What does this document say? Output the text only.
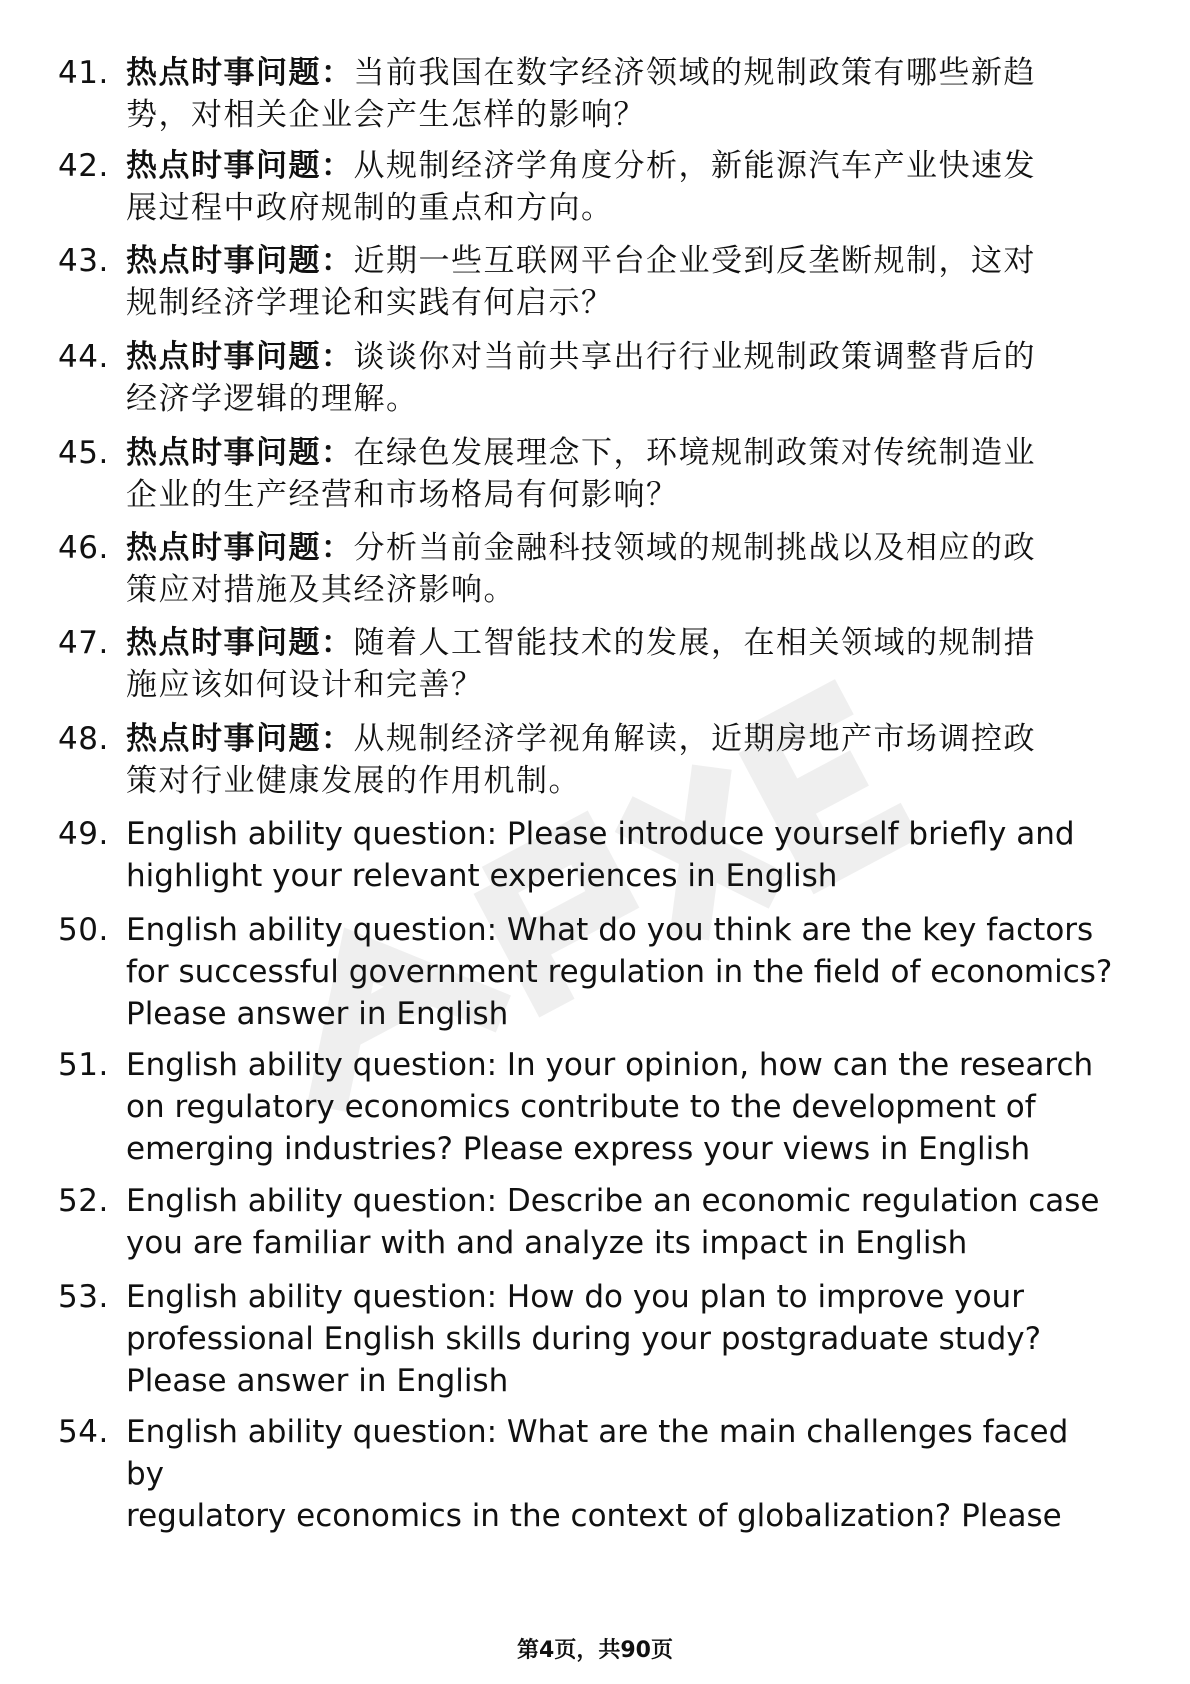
41. 热点时事问题：当前我国在数字经济领域的规制政策有哪些新趋
势，对相关企业会产生怎样的影响？
42. 热点时事问题：从规制经济学角度分析，新能源汽车产业快速发
展过程中政府规制的重点和方向。
43. 热点时事问题：近期一些互联网平台企业受到反垄断规制，这对
规制经济学理论和实践有何启示？
44. 热点时事问题：谈谈你对当前共享出行行业规制政策调整背后的
经济学逻辑的理解。
45. 热点时事问题：在绿色发展理念下，环境规制政策对传统制造业
企业的生产经营和市场格局有何影响？
46. 热点时事问题：分析当前金融科技领域的规制挑战以及相应的政
策应对措施及其经济影响。
47. 热点时事问题：随着人工智能技术的发展，在相关领域的规制措
施应该如何设计和完善？
48. 热点时事问题：从规制经济学视角解读，近期房地产市场调控政
策对行业健康发展的作用机制。
49. English ability question: Please introduce yourself briefly and
highlight your relevant experiences in English
50. English ability question: What do you think are the key factors
for successful government regulation in the field of economics?
Please answer in English
51. English ability question: In your opinion, how can the research
on regulatory economics contribute to the development of
emerging industries? Please express your views in English
52. English ability question: Describe an economic regulation case
you are familiar with and analyze its impact in English
53. English ability question: How do you plan to improve your
professional English skills during your postgraduate study?
Please answer in English
54. English ability question: What are the main challenges faced by
regulatory economics in the context of globalization? Please
第4页，共90页
